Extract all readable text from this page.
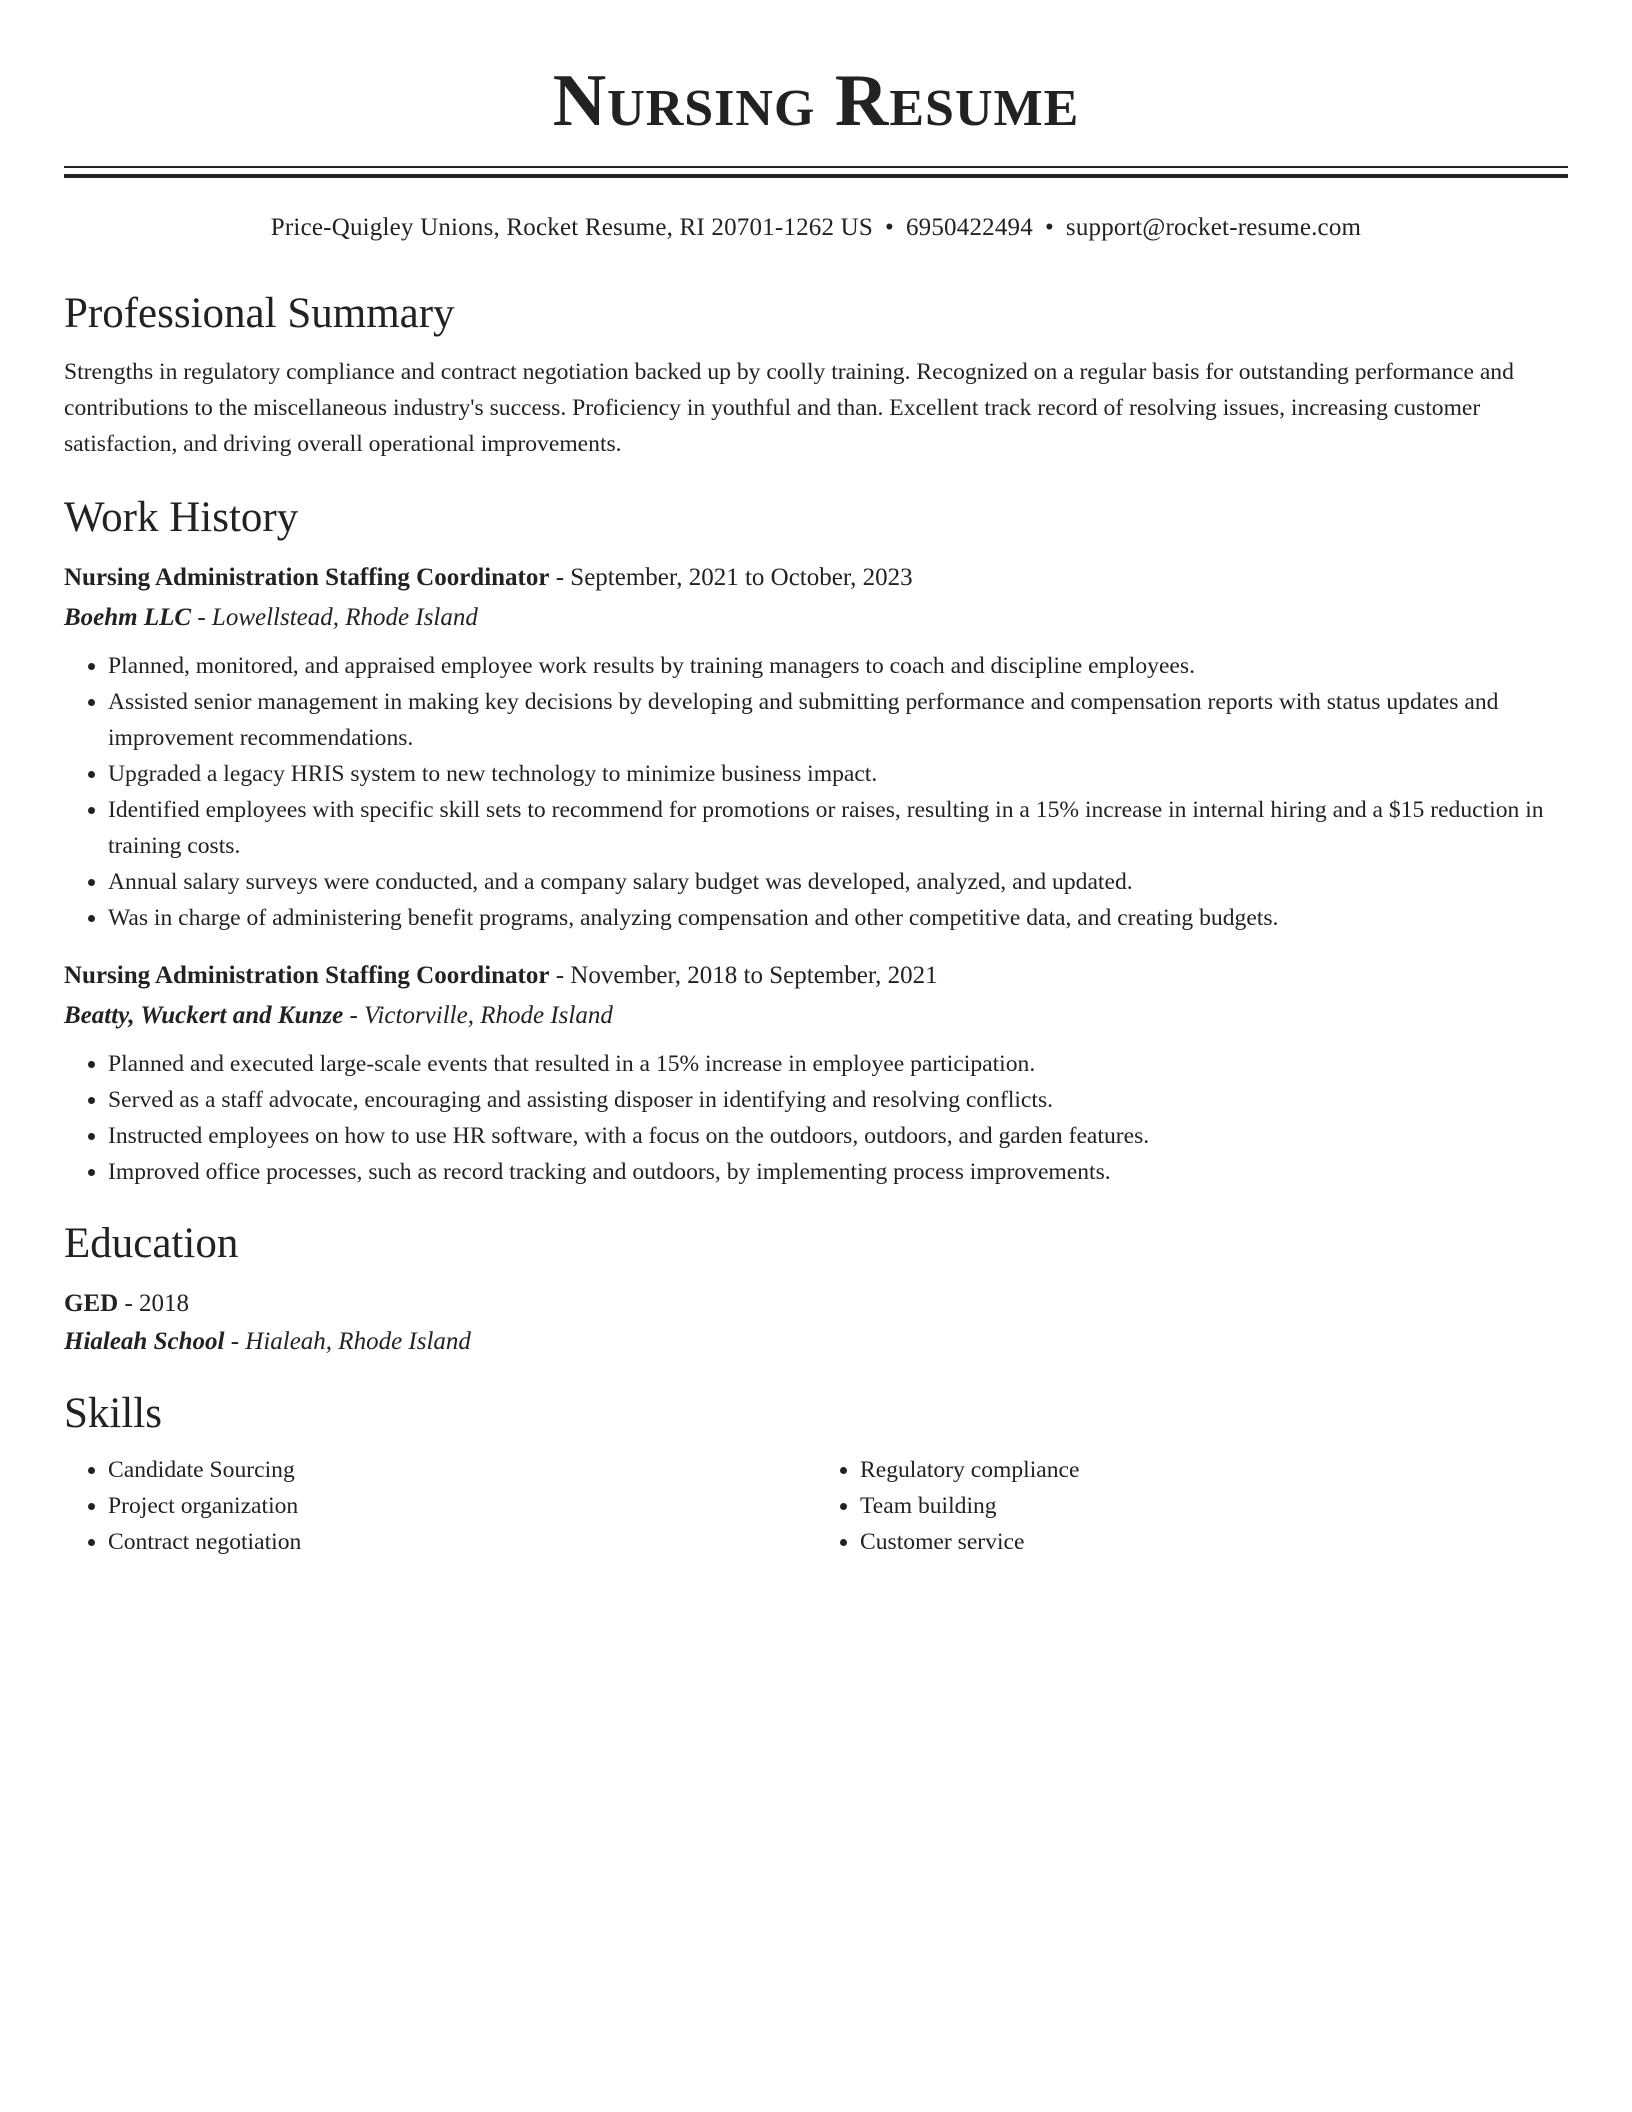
Nursing Resume
Price-Quigley Unions, Rocket Resume, RI 20701-1262 US • 6950422494 • support@rocket-resume.com
Professional Summary

Strengths in regulatory compliance and contract negotiation backed up by coolly training. Recognized on a regular basis for outstanding performance and contributions to the miscellaneous industry's success. Proficiency in youthful and than. Excellent track record of resolving issues, increasing customer satisfaction, and driving overall operational improvements.

Work History
Nursing Administration Staffing Coordinator - September, 2021 to October, 2023
Boehm LLC - Lowellstead, Rhode Island
• Planned, monitored, and appraised employee work results by training managers to coach and discipline employees.
• Assisted senior management in making key decisions by developing and submitting performance and compensation reports with status updates and improvement recommendations.
• Upgraded a legacy HRIS system to new technology to minimize business impact.
• Identified employees with specific skill sets to recommend for promotions or raises, resulting in a 15% increase in internal hiring and a $15 reduction in training costs.
• Annual salary surveys were conducted, and a company salary budget was developed, analyzed, and updated.
• Was in charge of administering benefit programs, analyzing compensation and other competitive data, and creating budgets.
Nursing Administration Staffing Coordinator - November, 2018 to September, 2021
Beatty, Wuckert and Kunze - Victorville, Rhode Island
• Planned and executed large-scale events that resulted in a 15% increase in employee participation.
• Served as a staff advocate, encouraging and assisting disposer in identifying and resolving conflicts.
• Instructed employees on how to use HR software, with a focus on the outdoors, outdoors, and garden features.
• Improved office processes, such as record tracking and outdoors, by implementing process improvements.
Education
GED - 2018
Hialeah School - Hialeah, Rhode Island
Skills
• Candidate Sourcing
• Project organization
• Contract negotiation
• Regulatory compliance
• Team building
• Customer service
